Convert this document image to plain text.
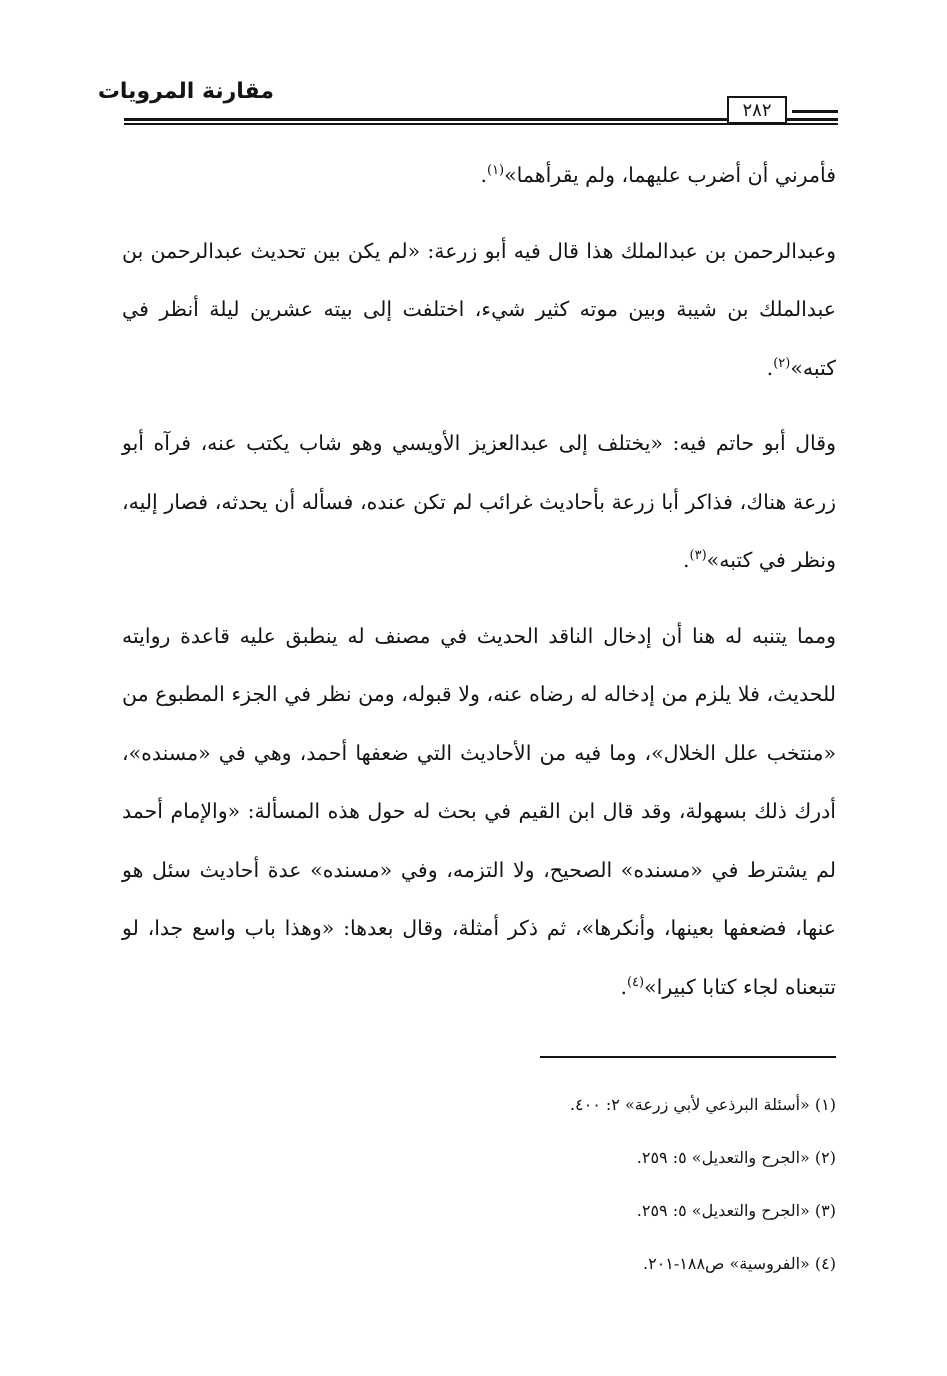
مقارنة المرويات
٢٨٢

فأمرني أن أضرب عليهما، ولم يقرأهما»$^{(١)}$.

وعبدالرحمن بن عبدالملك هذا قال فيه أبو زرعة: «لم يكن بين تحديث عبدالرحمن بن عبدالملك بن شيبة وبين موته كثير شيء، اختلفت إلى بيته عشرين ليلة أنظر في كتبه»$^{(٢)}$.

وقال أبو حاتم فيه: «يختلف إلى عبدالعزيز الأويسي وهو شاب يكتب عنه، فرآه أبو زرعة هناك، فذاكر أبا زرعة بأحاديث غرائب لم تكن عنده، فسأله أن يحدثه، فصار إليه، ونظر في كتبه»$^{(٣)}$.

ومما يتنبه له هنا أن إدخال الناقد الحديث في مصنف له ينطبق عليه قاعدة روايته للحديث، فلا يلزم من إدخاله له رضاه عنه، ولا قبوله، ومن نظر في الجزء المطبوع من «منتخب علل الخلال»، وما فيه من الأحاديث التي ضعفها أحمد، وهي في «مسنده»، أدرك ذلك بسهولة، وقد قال ابن القيم في بحث له حول هذه المسألة: «والإمام أحمد لم يشترط في «مسنده» الصحيح، ولا التزمه، وفي «مسنده» عدة أحاديث سئل هو عنها، فضعفها بعينها، وأنكرها»، ثم ذكر أمثلة، وقال بعدها: «وهذا باب واسع جدا، لو تتبعناه لجاء كتابا كبيرا»$^{(٤)}$.

(١) «أسئلة البرذعي لأبي زرعة» ٢: ٤٠٠.

(٢) «الجرح والتعديل» ٥: ٢٥٩.

(٣) «الجرح والتعديل» ٥: ٢٥٩.

(٤) «الفروسية» ص١٨٨-٢٠١.
